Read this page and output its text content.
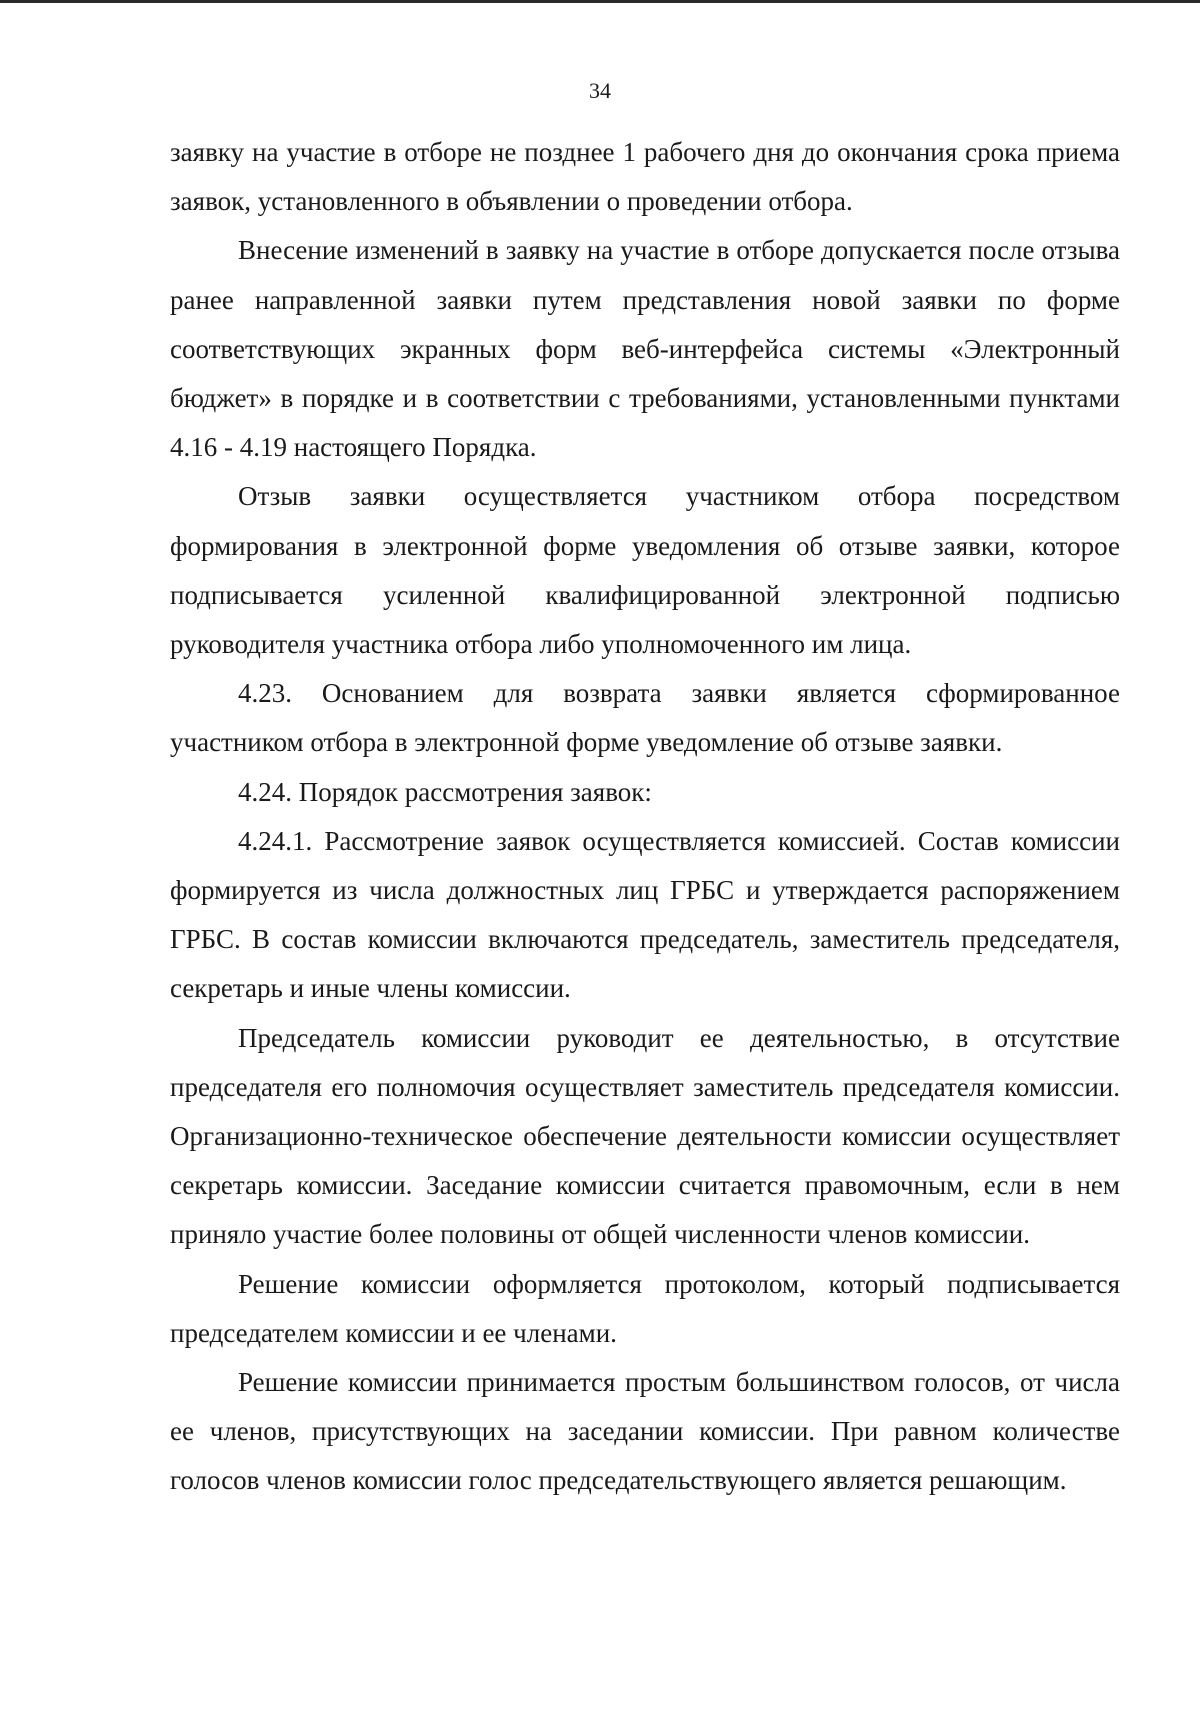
34

заявку на участие в отборе не позднее 1 рабочего дня до окончания срока приема заявок, установленного в объявлении о проведении отбора.

Внесение изменений в заявку на участие в отборе допускается после отзыва ранее направленной заявки путем представления новой заявки по форме соответствующих экранных форм веб-интерфейса системы «Электронный бюджет» в порядке и в соответствии с требованиями, установленными пунктами 4.16 - 4.19 настоящего Порядка.

Отзыв заявки осуществляется участником отбора посредством формирования в электронной форме уведомления об отзыве заявки, которое подписывается усиленной квалифицированной электронной подписью руководителя участника отбора либо уполномоченного им лица.

4.23. Основанием для возврата заявки является сформированное участником отбора в электронной форме уведомление об отзыве заявки.

4.24. Порядок рассмотрения заявок:

4.24.1. Рассмотрение заявок осуществляется комиссией. Состав комиссии формируется из числа должностных лиц ГРБС и утверждается распоряжением ГРБС. В состав комиссии включаются председатель, заместитель председателя, секретарь и иные члены комиссии.

Председатель комиссии руководит ее деятельностью, в отсутствие председателя его полномочия осуществляет заместитель председателя комиссии. Организационно-техническое обеспечение деятельности комиссии осуществляет секретарь комиссии. Заседание комиссии считается правомочным, если в нем приняло участие более половины от общей численности членов комиссии.

Решение комиссии оформляется протоколом, который подписывается председателем комиссии и ее членами.

Решение комиссии принимается простым большинством голосов, от числа ее членов, присутствующих на заседании комиссии. При равном количестве голосов членов комиссии голос председательствующего является решающим.
